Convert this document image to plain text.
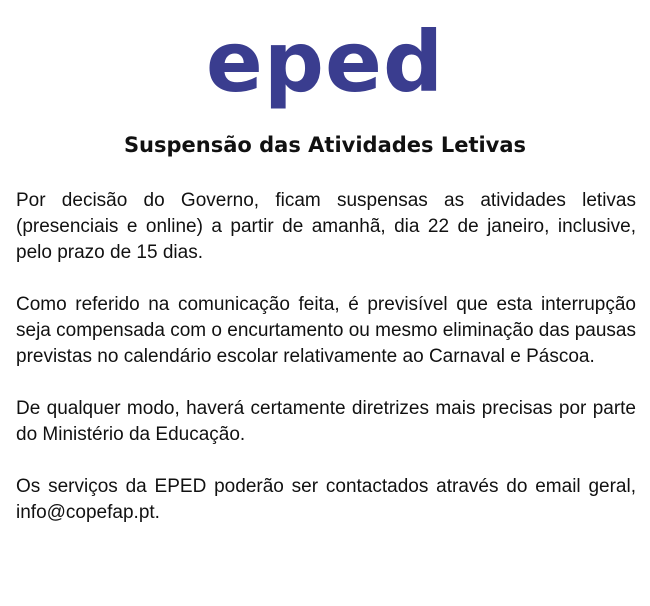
eped
Suspensão das Atividades Letivas

Por decisão do Governo, ficam suspensas as atividades letivas (presenciais e online) a partir de amanhã, dia 22 de janeiro, inclusive, pelo prazo de 15 dias.

Como referido na comunicação feita, é previsível que esta interrupção seja compensada com o encurtamento ou mesmo eliminação das pausas previstas no calendário escolar relativamente ao Carnaval e Páscoa.

De qualquer modo, haverá certamente diretrizes mais precisas por parte do Ministério da Educação.

Os serviços da EPED poderão ser contactados através do email geral, info@copefap.pt.
